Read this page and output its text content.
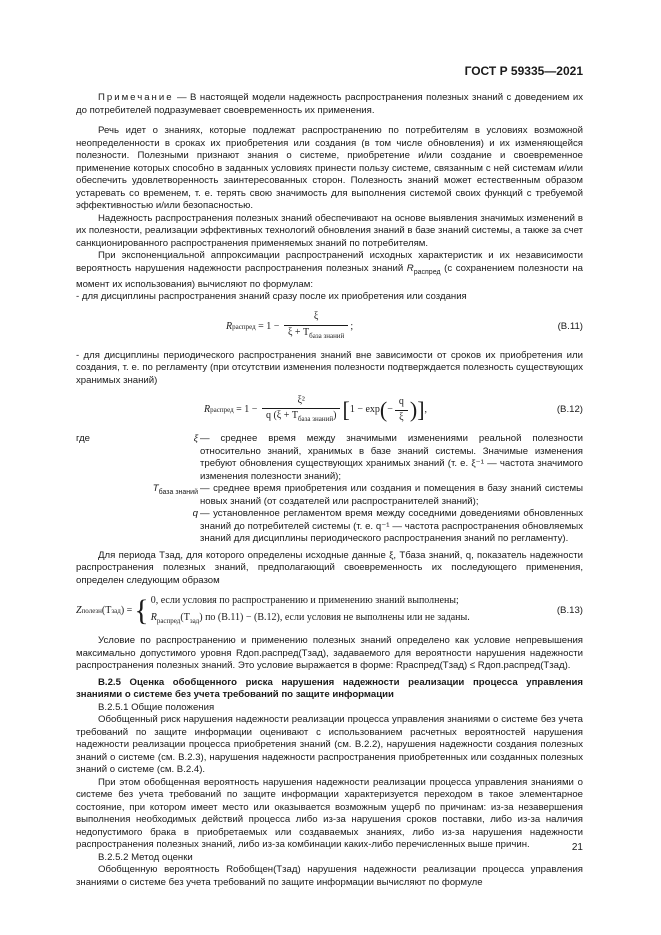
ГОСТ Р 59335—2021

Примечание — В настоящей модели надежность распространения полезных знаний с доведением их до потребителей подразумевает своевременность их применения.

Речь идет о знаниях, которые подлежат распространению по потребителям в условиях возможной неопределенности в сроках их приобретения или создания (в том числе обновления) и их изменяющейся полезности. Полезными признают знания о системе, приобретение и/или создание и своевременное применение которых способно в заданных условиях принести пользу системе, связанным с ней системам и/или обеспечить удовлетворенность заинтересованных сторон. Полезность знаний может естественным образом устаревать со временем, т. е. терять свою значимость для выполнения системой своих функций с требуемой эффективностью и/или безопасностью.

Надежность распространения полезных знаний обеспечивают на основе выявления значимых изменений в их полезности, реализации эффективных технологий обновления знаний в базе знаний системы, а также за счет санкционированного распространения применяемых знаний по потребителям.

При экспоненциальной аппроксимации распространений исходных характеристик и их независимости вероятность нарушения надежности распространения полезных знаний $R_{распред}$ (с сохранением полезности на момент их использования) вычисляют по формулам:

- для дисциплины распространения знаний сразу после их приобретения или создания

R распред = $1 - \frac{\xi}{\xi + T_{база знаний}}$ ;	(В.11)

- для дисциплины периодического распространения знаний вне зависимости от сроков их приобретения или создания, т. е. по регламенту (при отсутствии изменения полезности подтверждается полезность существующих хранимых знаний)

R распред = $1 - \frac{\text{ξ²}}{q (\xi + T_{база знаний})}$ [ 1 − exp ( − $\frac{q}{\xi}$ ) ] ,	(В.12)
где	ξ — среднее время между значимыми изменениями реальной полезности относительно знаний, хранимых в базе знаний системы. Значимые изменения требуют обновления существующих хранимых знаний (т. е. ξ⁻¹ — частота значимого изменения полезности знаний);
$T_{база знаний}$ — среднее время приобретения или создания и помещения в базу знаний системы новых знаний (от создателей или распространителей знаний);
q — установленное регламентом время между соседними доведениями обновленных знаний до потребителей системы (т. е. q⁻¹ — частота распространения обновляемых знаний для дисциплины периодического распространения знаний по регламенту).

Для периода Tзад, для которого определены исходные данные ξ, Tбаза знаний, q, показатель надежности распространения полезных знаний, предполагающий своевременность их последующего применения, определен следующим образом

Z полезн (T зад ) = { 0, если условия по распространению и применению знаний выполнены;
$R_{распред}(T_{зад})$ по (В.11) − (В.12), если условия не выполнены или не заданы.
(В.13)

Условие по распространению и применению полезных знаний определено как условие непревышения максимально допустимого уровня Rдоп.распред(Tзад), задаваемого для вероятности нарушения надежности распространения полезных знаний. Это условие выражается в форме: Rраспред(Tзад) ≤ Rдоп.распред(Tзад).

В.2.5 Оценка обобщенного риска нарушения надежности реализации процесса управления знаниями о системе без учета требований по защите информации

В.2.5.1 Общие положения

Обобщенный риск нарушения надежности реализации процесса управления знаниями о системе без учета требований по защите информации оценивают с использованием расчетных вероятностей нарушения надежности реализации процесса приобретения знаний (см. В.2.2), нарушения надежности создания полезных знаний о системе (см. В.2.3), нарушения надежности распространения приобретенных или созданных полезных знаний о системе (см. В.2.4).

При этом обобщенная вероятность нарушения надежности реализации процесса управления знаниями о системе без учета требований по защите информации характеризуется переходом в такое элементарное состояние, при котором имеет место или оказывается возможным ущерб по причинам: из-за незавершения выполнения необходимых действий процесса либо из-за нарушения сроков поставки, либо из-за наличия недопустимого брака в приобретаемых или создаваемых знаниях, либо из-за нарушения надежности распространения полезных знаний, либо из-за комбинации каких-либо перечисленных выше причин.

В.2.5.2 Метод оценки

Обобщенную вероятность Rобобщен(Tзад) нарушения надежности реализации процесса управления знаниями о системе без учета требований по защите информации вычисляют по формуле

21
